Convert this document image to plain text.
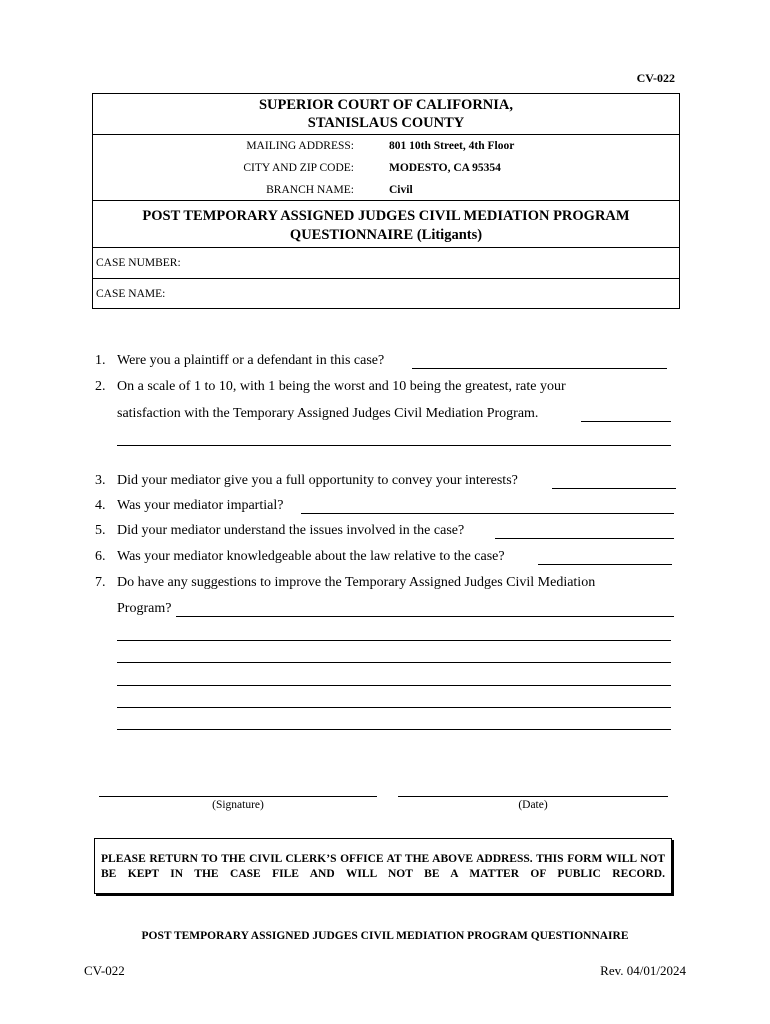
CV-022
SUPERIOR COURT OF CALIFORNIA,
STANISLAUS COUNTY
MAILING ADDRESS:	801 10th Street, 4th Floor
CITY AND ZIP CODE:	MODESTO, CA 95354
BRANCH NAME:	Civil
POST TEMPORARY ASSIGNED JUDGES CIVIL MEDIATION PROGRAM
QUESTIONNAIRE (Litigants)
CASE NUMBER:
CASE NAME:
1. Were you a plaintiff or a defendant in this case?
2. On a scale of 1 to 10, with 1 being the worst and 10 being the greatest, rate your
satisfaction with the Temporary Assigned Judges Civil Mediation Program.
3. Did your mediator give you a full opportunity to convey your interests?
4. Was your mediator impartial?
5. Did your mediator understand the issues involved in the case?
6. Was your mediator knowledgeable about the law relative to the case?
7. Do have any suggestions to improve the Temporary Assigned Judges Civil Mediation
Program?
(Signature)	(Date)
PLEASE RETURN TO THE CIVIL CLERK’S OFFICE AT THE ABOVE ADDRESS. THIS FORM WILL NOT BE KEPT IN THE CASE FILE AND WILL NOT BE A MATTER OF PUBLIC RECORD.
POST TEMPORARY ASSIGNED JUDGES CIVIL MEDIATION PROGRAM QUESTIONNAIRE
CV-022	Rev. 04/01/2024
